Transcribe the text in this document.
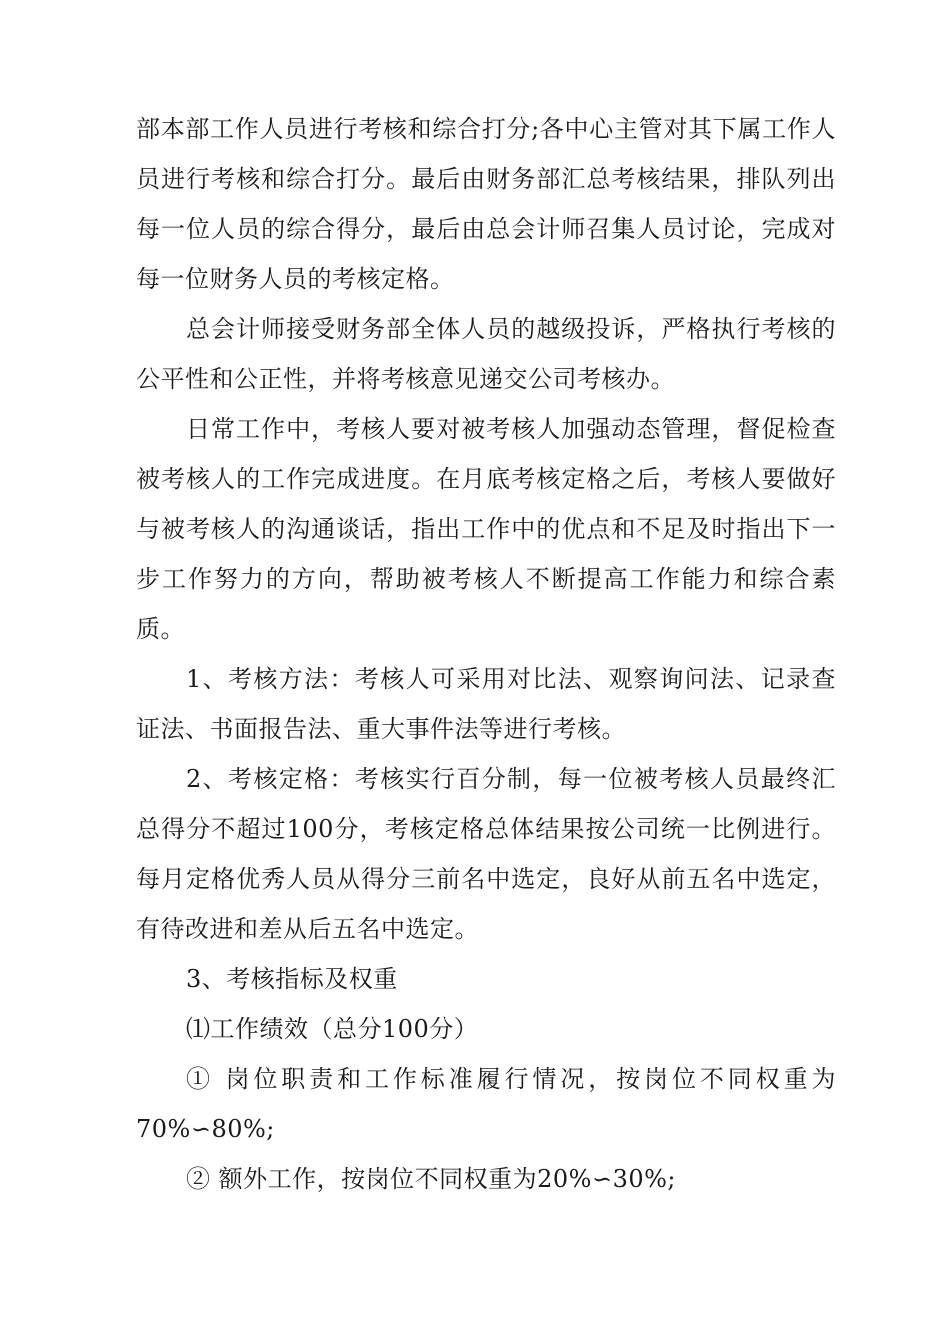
部本部工作人员进行考核和综合打分;各中心主管对其下属工作人员进行考核和综合打分。最后由财务部汇总考核结果，排队列出每一位人员的综合得分，最后由总会计师召集人员讨论，完成对每一位财务人员的考核定格。

总会计师接受财务部全体人员的越级投诉，严格执行考核的公平性和公正性，并将考核意见递交公司考核办。

日常工作中，考核人要对被考核人加强动态管理，督促检查被考核人的工作完成进度。在月底考核定格之后，考核人要做好与被考核人的沟通谈话，指出工作中的优点和不足及时指出下一步工作努力的方向，帮助被考核人不断提高工作能力和综合素质。

1、考核方法：考核人可采用对比法、观察询问法、记录查证法、书面报告法、重大事件法等进行考核。

2、考核定格：考核实行百分制，每一位被考核人员最终汇总得分不超过100分，考核定格总体结果按公司统一比例进行。每月定格优秀人员从得分三前名中选定，良好从前五名中选定，有待改进和差从后五名中选定。

3、考核指标及权重

⑴工作绩效（总分100分）

① 岗位职责和工作标准履行情况，按岗位不同权重为70%∽80%;

② 额外工作，按岗位不同权重为20%∽30%;
